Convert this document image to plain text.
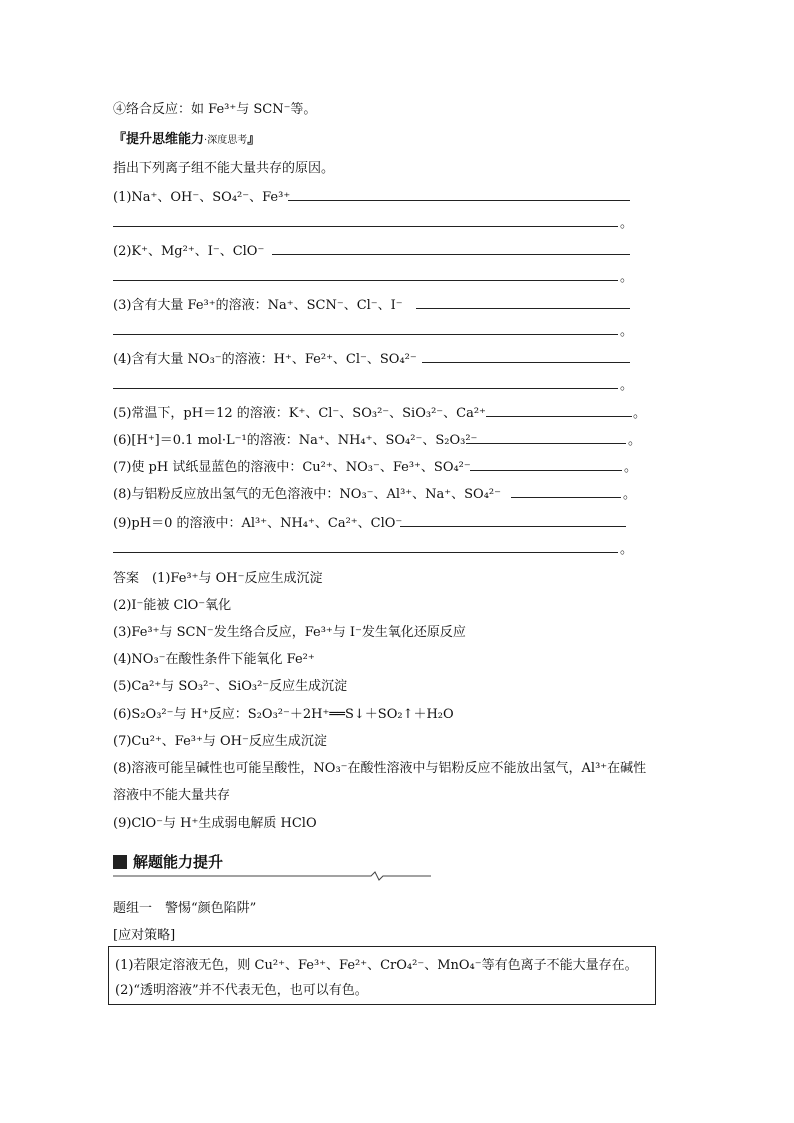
④络合反应：如 Fe³⁺与 SCN⁻等。
『提升思维能力·深度思考』
指出下列离子组不能大量共存的原因。
(1)Na⁺、OH⁻、SO₄²⁻、Fe³⁺
。
(2)K⁺、Mg²⁺、I⁻、ClO⁻
。
(3)含有大量 Fe³⁺的溶液：Na⁺、SCN⁻、Cl⁻、I⁻
。
(4)含有大量 NO₃⁻的溶液：H⁺、Fe²⁺、Cl⁻、SO₄²⁻
。
(5)常温下，pH＝12 的溶液：K⁺、Cl⁻、SO₃²⁻、SiO₃²⁻、Ca²⁺	。
(6)[H⁺]＝0.1 mol·L⁻¹的溶液：Na⁺、NH₄⁺、SO₄²⁻、S₂O₃²⁻	。
(7)使 pH 试纸显蓝色的溶液中：Cu²⁺、NO₃⁻、Fe³⁺、SO₄²⁻	。
(8)与铝粉反应放出氢气的无色溶液中：NO₃⁻、Al³⁺、Na⁺、SO₄²⁻	。
(9)pH＝0 的溶液中：Al³⁺、NH₄⁺、Ca²⁺、ClO⁻
。
答案　(1)Fe³⁺与 OH⁻反应生成沉淀
(2)I⁻能被 ClO⁻氧化
(3)Fe³⁺与 SCN⁻发生络合反应，Fe³⁺与 I⁻发生氧化还原反应
(4)NO₃⁻在酸性条件下能氧化 Fe²⁺
(5)Ca²⁺与 SO₃²⁻、SiO₃²⁻反应生成沉淀
(6)S₂O₃²⁻与 H⁺反应：S₂O₃²⁻＋2H⁺══S↓＋SO₂↑＋H₂O
(7)Cu²⁺、Fe³⁺与 OH⁻反应生成沉淀
(8)溶液可能呈碱性也可能呈酸性，NO₃⁻在酸性溶液中与铝粉反应不能放出氢气，Al³⁺在碱性
溶液中不能大量共存
(9)ClO⁻与 H⁺生成弱电解质 HClO
解题能力提升
题组一　警惕“颜色陷阱”
[应对策略]
(1)若限定溶液无色，则 Cu²⁺、Fe³⁺、Fe²⁺、CrO₄²⁻、MnO₄⁻等有色离子不能大量存在。
(2)“透明溶液”并不代表无色，也可以有色。
